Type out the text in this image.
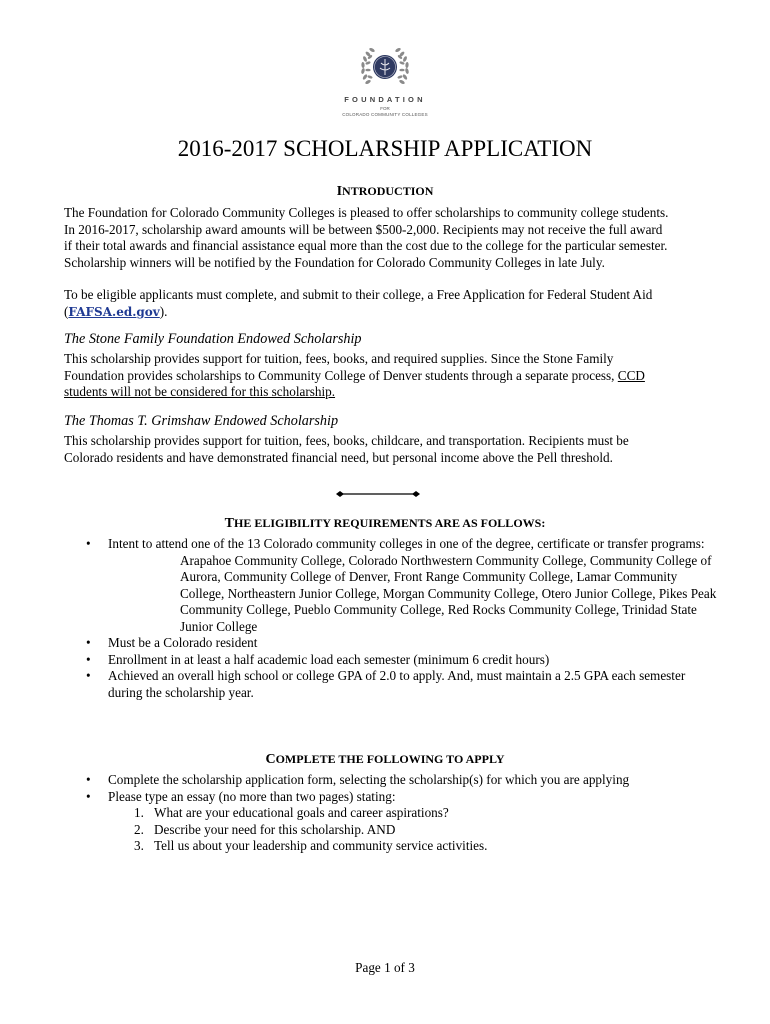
FOUNDATION
FOR
COLORADO COMMUNITY COLLEGES
2016-2017 SCHOLARSHIP APPLICATION
INTRODUCTION

The Foundation for Colorado Community Colleges is pleased to offer scholarships to community college students.

In 2016-2017, scholarship award amounts will be between $500-2,000. Recipients may not receive the full award

if their total awards and financial assistance equal more than the cost due to the college for the particular semester.

Scholarship winners will be notified by the Foundation for Colorado Community Colleges in late July.

To be eligible applicants must complete, and submit to their college, a Free Application for Federal Student Aid

(FAFSA.ed.gov).

The Stone Family Foundation Endowed Scholarship

This scholarship provides support for tuition, fees, books, and required supplies. Since the Stone Family

Foundation provides scholarships to Community College of Denver students through a separate process, CCD

students will not be considered for this scholarship.

The Thomas T. Grimshaw Endowed Scholarship

This scholarship provides support for tuition, fees, books, childcare, and transportation. Recipients must be

Colorado residents and have demonstrated financial need, but personal income above the Pell threshold.

THE ELIGIBILITY REQUIREMENTS ARE AS FOLLOWS:
• Intent to attend one of the 13 Colorado community colleges in one of the degree, certificate or transfer programs:
Arapahoe Community College, Colorado Northwestern Community College, Community College of Aurora, Community College of Denver, Front Range Community College, Lamar Community College, Northeastern Junior College, Morgan Community College, Otero Junior College, Pikes Peak Community College, Pueblo Community College, Red Rocks Community College, Trinidad State Junior College
• Must be a Colorado resident
• Enrollment in at least a half academic load each semester (minimum 6 credit hours)
• Achieved an overall high school or college GPA of 2.0 to apply. And, must maintain a 2.5 GPA each semester during the scholarship year.
COMPLETE THE FOLLOWING TO APPLY
• Complete the scholarship application form, selecting the scholarship(s) for which you are applying
• Please type an essay (no more than two pages) stating:
1. What are your educational goals and career aspirations?
2. Describe your need for this scholarship. AND
3. Tell us about your leadership and community service activities.
Page 1 of 3
